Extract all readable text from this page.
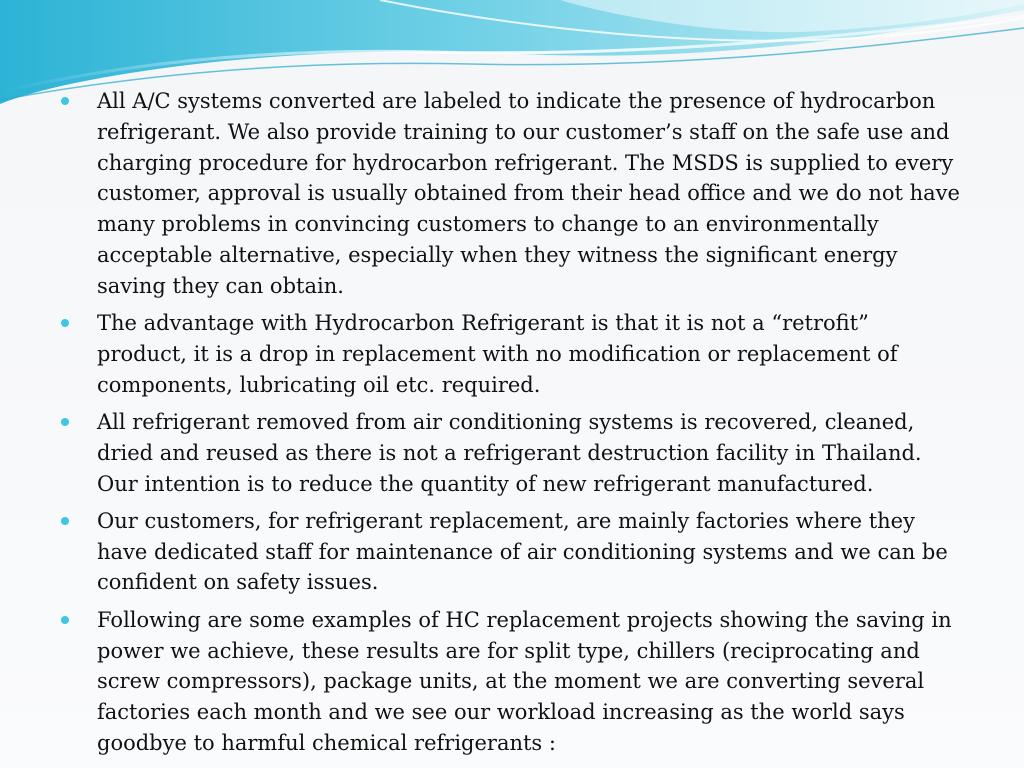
All A/C systems converted are labeled to indicate the presence of hydrocarbon refrigerant. We also provide training to our customer’s staff on the safe use and charging procedure for hydrocarbon refrigerant. The MSDS is supplied to every customer, approval is usually obtained from their head office and we do not have many problems in convincing customers to change to an environmentally acceptable alternative, especially when they witness the significant energy saving they can obtain.
The advantage with Hydrocarbon Refrigerant is that it is not a “retrofit” product, it is a drop in replacement with no modification or replacement of components, lubricating oil etc. required.
All refrigerant removed from air conditioning systems is recovered, cleaned, dried and reused as there is not a refrigerant destruction facility in Thailand. Our intention is to reduce the quantity of new refrigerant manufactured.
Our customers, for refrigerant replacement, are mainly factories where they have dedicated staff for maintenance of air conditioning systems and we can be confident on safety issues.
Following are some examples of HC replacement projects showing the saving in power we achieve, these results are for split type, chillers (reciprocating and screw compressors), package units, at the moment we are converting several factories each month and we see our workload increasing as the world says goodbye to harmful chemical refrigerants :
